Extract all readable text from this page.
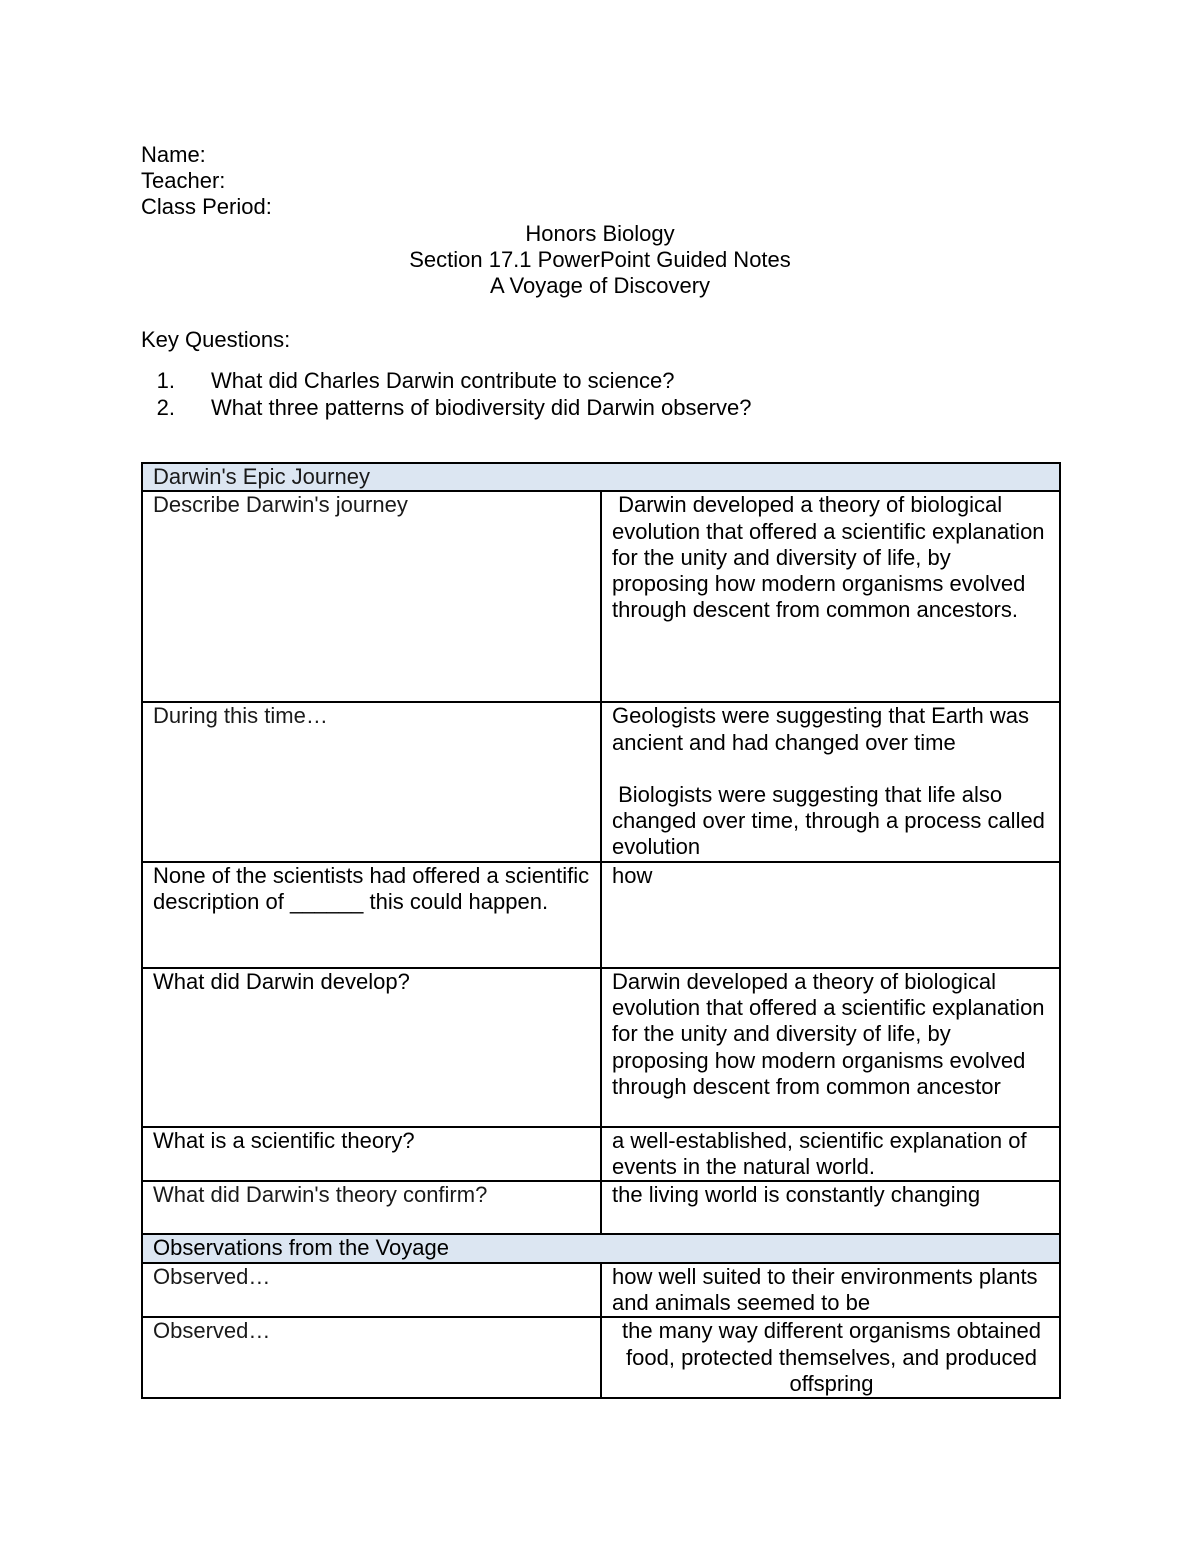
Name:
Teacher:
Class Period:
Honors Biology
Section 17.1 PowerPoint Guided Notes
A Voyage of Discovery
Key Questions:
1. What did Charles Darwin contribute to science?
2. What three patterns of biodiversity did Darwin observe?
Darwin's Epic Journey	
Describe Darwin's journey	Darwin developed a theory of biological evolution that offered a scientific explanation for the unity and diversity of life, by proposing how modern organisms evolved through descent from common ancestors.
During this time…	Geologists were suggesting that Earth was ancient and had changed over time
Biologists were suggesting that life also changed over time, through a process called evolution

None of the scientists had offered a scientific description of ______ this could happen.	how
What did Darwin develop?	Darwin developed a theory of biological evolution that offered a scientific explanation for the unity and diversity of life, by proposing how modern organisms evolved through descent from common ancestor
What is a scientific theory?	a well-established, scientific explanation of events in the natural world.
What did Darwin's theory confirm?	the living world is constantly changing
Observations from the Voyage	
Observed…	how well suited to their environments plants and animals seemed to be
Observed…	the many way different organisms obtained food, protected themselves, and produced offspring
